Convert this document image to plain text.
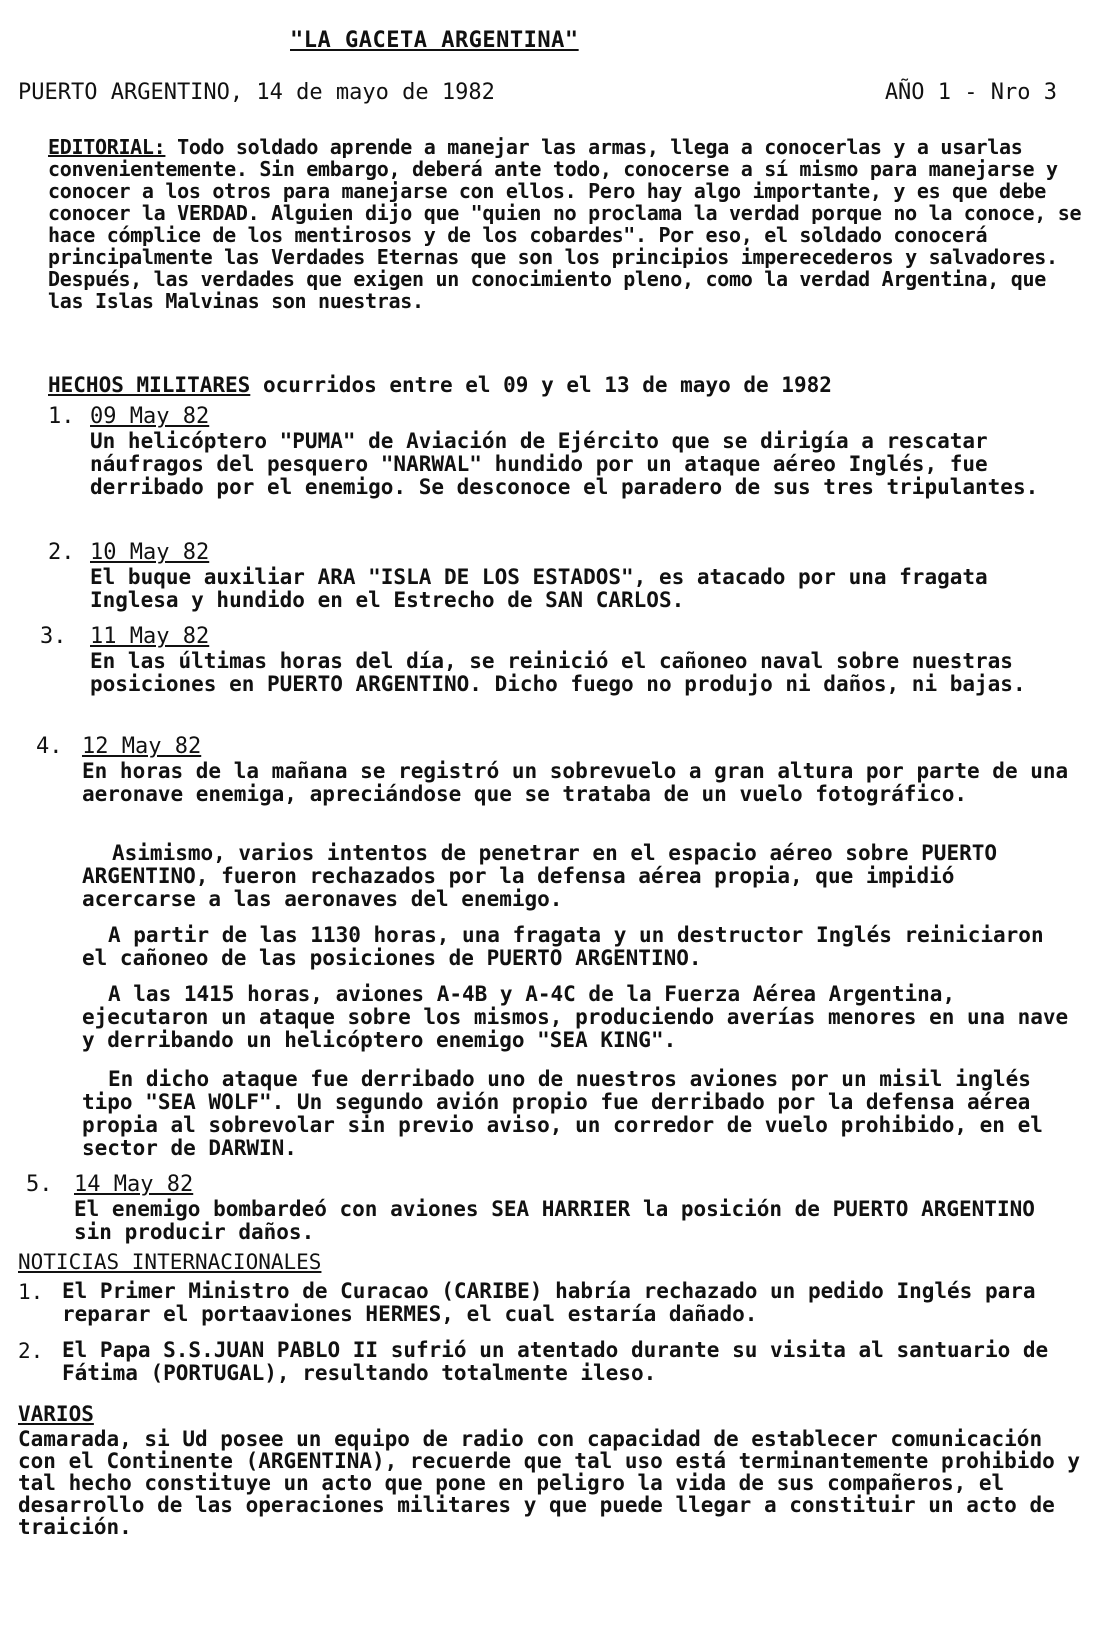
"LA GACETA ARGENTINA"
PUERTO ARGENTINO, 14 de mayo de 1982	AÑO 1 - Nro 3
EDITORIAL: Todo soldado aprende a manejar las armas, llega a conocerlas y a usarlas convenientemente. Sin embargo, deberá ante todo, conocerse a sí mismo para manejarse y conocer a los otros para manejarse con ellos. Pero hay algo importante, y es que debe conocer la VERDAD. Alguien dijo que "quien no proclama la verdad porque no la conoce, se hace cómplice de los mentirosos y de los cobardes". Por eso, el soldado conocerá principalmente las Verdades Eternas que son los principios imperecederos y salvadores. Después, las verdades que exigen un conocimiento pleno, como la verdad Argentina, que las Islas Malvinas son nuestras.
HECHOS MILITARES ocurridos entre el 09 y el 13 de mayo de 1982
1. 09 May 82
Un helicóptero "PUMA" de Aviación de Ejército que se dirigía a rescatar náufragos del pesquero "NARWAL" hundido por un ataque aéreo Inglés, fue derribado por el enemigo. Se desconoce el paradero de sus tres tripulantes.
2. 10 May 82
El buque auxiliar ARA "ISLA DE LOS ESTADOS", es atacado por una fragata Inglesa y hundido en el Estrecho de SAN CARLOS.
3. 11 May 82
En las últimas horas del día, se reinició el cañoneo naval sobre nuestras posiciones en PUERTO ARGENTINO. Dicho fuego no produjo ni daños, ni bajas.
4. 12 May 82
En horas de la mañana se registró un sobrevuelo a gran altura por parte de una aeronave enemiga, apreciándose que se trataba de un vuelo fotográfico.
Asimismo, varios intentos de penetrar en el espacio aéreo sobre PUERTO ARGENTINO, fueron rechazados por la defensa aérea propia, que impidió acercarse a las aeronaves del enemigo.
A partir de las 1130 horas, una fragata y un destructor Inglés reiniciaron el cañoneo de las posiciones de PUERTO ARGENTINO.
A las 1415 horas, aviones A-4B y A-4C de la Fuerza Aérea Argentina, ejecutaron un ataque sobre los mismos, produciendo averías menores en una nave y derribando un helicóptero enemigo "SEA KING".
En dicho ataque fue derribado uno de nuestros aviones por un misil inglés tipo "SEA WOLF". Un segundo avión propio fue derribado por la defensa aérea propia al sobrevolar sin previo aviso, un corredor de vuelo prohibido, en el sector de DARWIN.
5. 14 May 82
El enemigo bombardeó con aviones SEA HARRIER la posición de PUERTO ARGENTINO sin producir daños.
NOTICIAS INTERNACIONALES
1. El Primer Ministro de Curacao (CARIBE) habría rechazado un pedido Inglés para reparar el portaaviones HERMES, el cual estaría dañado.
2. El Papa S.S.JUAN PABLO II sufrió un atentado durante su visita al santuario de Fátima (PORTUGAL), resultando totalmente ileso.
VARIOS
Camarada, si Ud posee un equipo de radio con capacidad de establecer comunicación con el Continente (ARGENTINA), recuerde que tal uso está terminantemente prohibido y tal hecho constituye un acto que pone en peligro la vida de sus compañeros, el desarrollo de las operaciones militares y que puede llegar a constituir un acto de traición.
